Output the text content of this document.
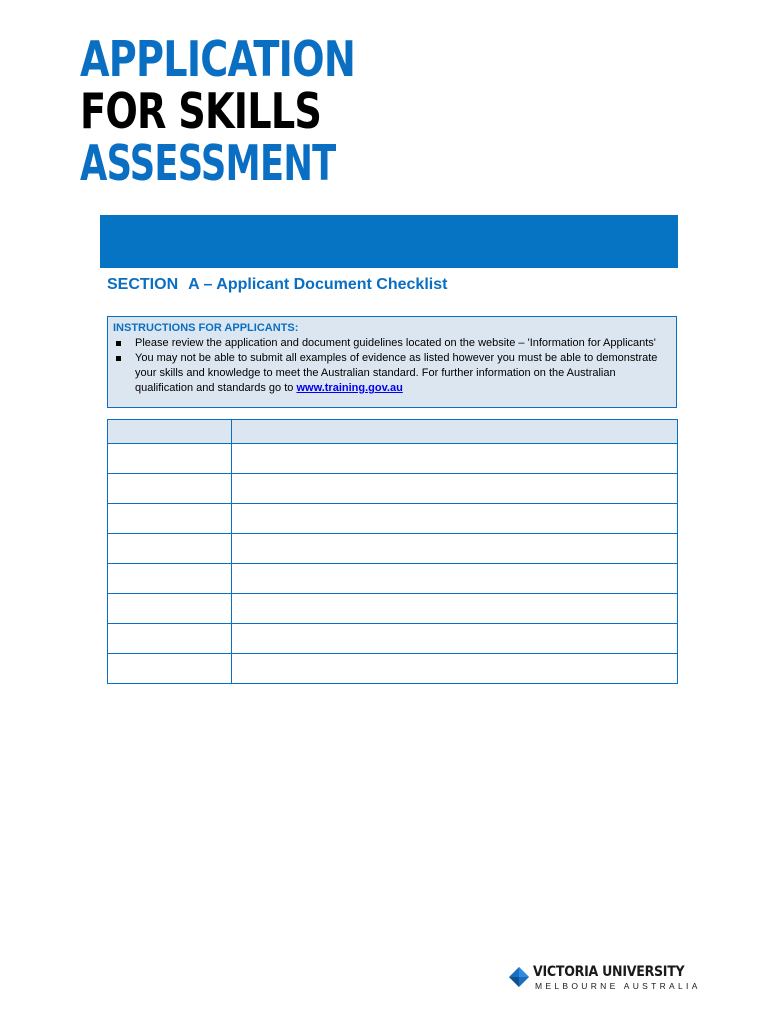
APPLICATION
FOR SKILLS
ASSESSMENT
SECTION A – Applicant Document Checklist
INSTRUCTIONS FOR APPLICANTS:
Please review the application and document guidelines located on the website – 'Information for Applicants'
You may not be able to submit all examples of evidence as listed however you must be able to demonstrate your skills and knowledge to meet the Australian standard. For further information on the Australian qualification and standards go to www.training.gov.au

VICTORIA UNIVERSITY
MELBOURNE AUSTRALIA
